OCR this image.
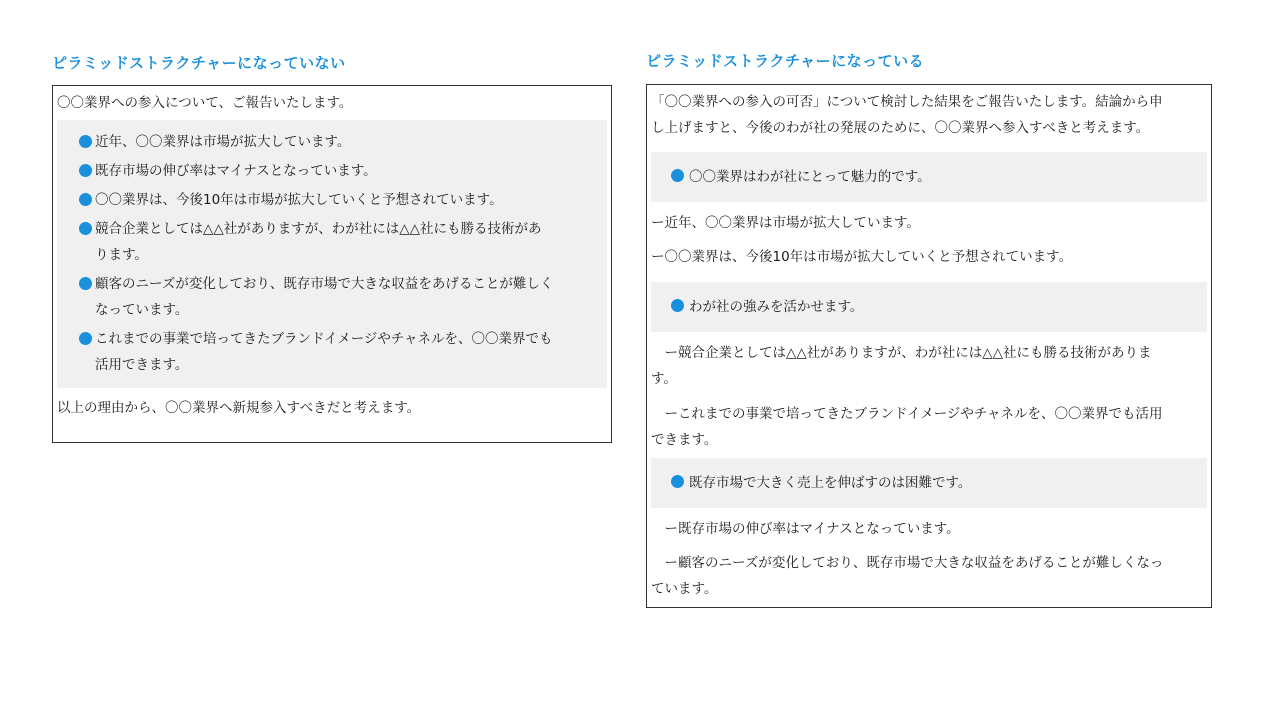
ピラミッドストラクチャーになっていない
〇〇業界への参入について、ご報告いたします。
近年、〇〇業界は市場が拡大しています。
既存市場の伸び率はマイナスとなっています。
〇〇業界は、今後10年は市場が拡大していくと予想されています。
競合企業としては△△社がありますが、わが社には△△社にも勝る技術があ
ります。
顧客のニーズが変化しており、既存市場で大きな収益をあげることが難しく
なっています。
これまでの事業で培ってきたブランドイメージやチャネルを、〇〇業界でも
活用できます。
以上の理由から、〇〇業界へ新規参入すべきだと考えます。
ピラミッドストラクチャーになっている
「〇〇業界への参入の可否」について検討した結果をご報告いたします。結論から申
し上げますと、今後のわが社の発展のために、〇〇業界へ参入すべきと考えます。
〇〇業界はわが社にとって魅力的です。
ー近年、〇〇業界は市場が拡大しています。
ー〇〇業界は、今後10年は市場が拡大していくと予想されています。
わが社の強みを活かせます。
　ー競合企業としては△△社がありますが、わが社には△△社にも勝る技術がありま
す。
　ーこれまでの事業で培ってきたブランドイメージやチャネルを、〇〇業界でも活用
できます。
既存市場で大きく売上を伸ばすのは困難です。
　ー既存市場の伸び率はマイナスとなっています。
　ー顧客のニーズが変化しており、既存市場で大きな収益をあげることが難しくなっ
ています。
